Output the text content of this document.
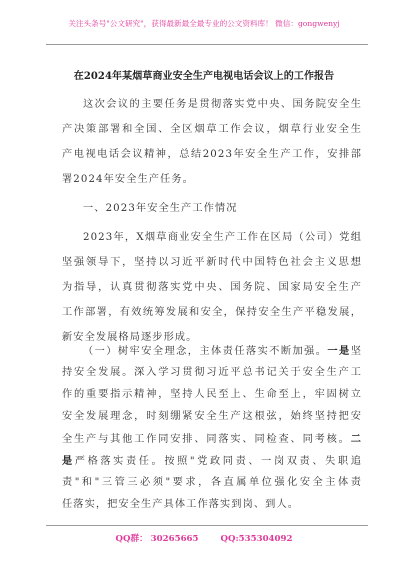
关注头条号"公文研究"，获得最新最全最专业的公文资料库！ 微信：gongwenyj
在2024年某烟草商业安全生产电视电话会议上的工作报告
这次会议的主要任务是贯彻落实党中央、国务院安全生
产决策部署和全国、全区烟草工作会议，烟草行业安全生
产电视电话会议精神，总结2023年安全生产工作，安排部
署2024年安全生产任务。
一、2023年安全生产工作情况
2023年，X烟草商业安全生产工作在区局（公司）党组
坚强领导下，坚持以习近平新时代中国特色社会主义思想
为指导，认真贯彻落实党中央、国务院、国家局安全生产
工作部署，有效统筹发展和安全，保持安全生产平稳发展，
新安全发展格局逐步形成。
（一）树牢安全理念，主体责任落实不断加强。一是坚
持安全发展。深入学习贯彻习近平总书记关于安全生产工
作的重要指示精神，坚持人民至上、生命至上，牢固树立
安全发展理念，时刻绷紧安全生产这根弦，始终坚持把安
全生产与其他工作同安排、同落实、同检查、同考核。二
是严格落实责任。按照"党政同责、一岗双责、失职追
责"和"三管三必须"要求，各直属单位强化安全主体责
QQ群： 30265665	QQ:535304092
任落实，把安全生产具体工作落实到岗、到人。
